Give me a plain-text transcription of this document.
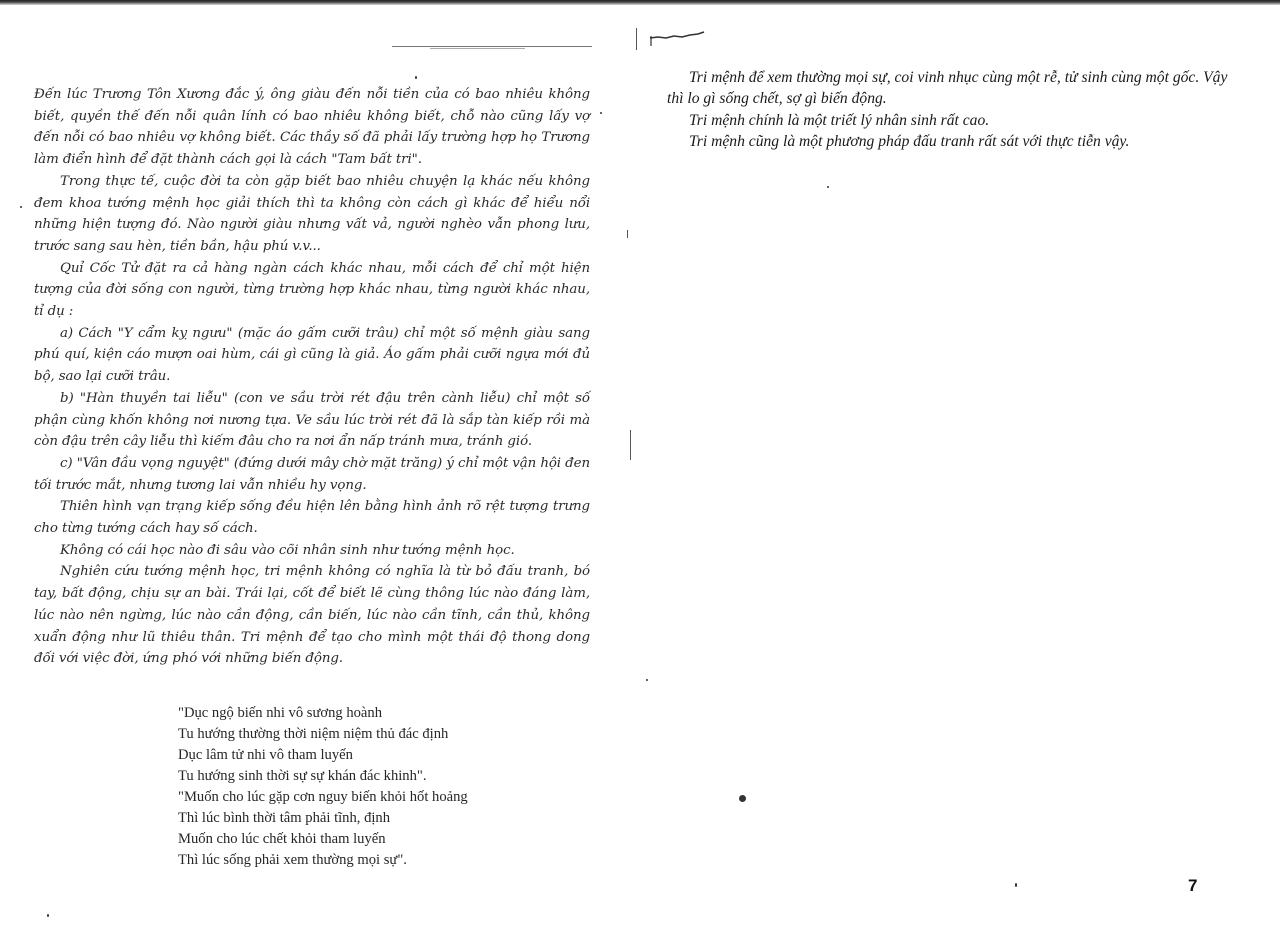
Đến lúc Trương Tôn Xương đắc ý, ông giàu đến nỗi tiền của có bao nhiêu không biết, quyền thế đến nỗi quân lính có bao nhiêu không biết, chỗ nào cũng lấy vợ đến nỗi có bao nhiêu vợ không biết. Các thầy số đã phải lấy trường hợp họ Trương làm điển hình để đặt thành cách gọi là cách "Tam bất tri".

Trong thực tế, cuộc đời ta còn gặp biết bao nhiêu chuyện lạ khác nếu không đem khoa tướng mệnh học giải thích thì ta không còn cách gì khác để hiểu nổi những hiện tượng đó. Nào người giàu nhưng vất vả, người nghèo vẫn phong lưu, trước sang sau hèn, tiền bần, hậu phú v.v...

Quỉ Cốc Tử đặt ra cả hàng ngàn cách khác nhau, mỗi cách để chỉ một hiện tượng của đời sống con người, từng trường hợp khác nhau, từng người khác nhau, tỉ dụ :

a) Cách "Y cẩm kỵ ngưu" (mặc áo gấm cưỡi trâu) chỉ một số mệnh giàu sang phú quí, kiện cáo mượn oai hùm, cái gì cũng là giả. Áo gấm phải cưỡi ngựa mới đủ bộ, sao lại cưỡi trâu.

b) "Hàn thuyền tai liễu" (con ve sầu trời rét đậu trên cành liễu) chỉ một số phận cùng khốn không nơi nương tựa. Ve sầu lúc trời rét đã là sắp tàn kiếp rồi mà còn đậu trên cây liễu thì kiếm đâu cho ra nơi ẩn nấp tránh mưa, tránh gió.

c) "Vân đầu vọng nguyệt" (đứng dưới mây chờ mặt trăng) ý chỉ một vận hội đen tối trước mắt, nhưng tương lai vẫn nhiều hy vọng.

Thiên hình vạn trạng kiếp sống đều hiện lên bằng hình ảnh rõ rệt tượng trưng cho từng tướng cách hay số cách.

Không có cái học nào đi sâu vào cõi nhân sinh như tướng mệnh học.

Nghiên cứu tướng mệnh học, tri mệnh không có nghĩa là từ bỏ đấu tranh, bó tay, bất động, chịu sự an bài. Trái lại, cốt để biết lẽ cùng thông lúc nào đáng làm, lúc nào nên ngừng, lúc nào cần động, cần biến, lúc nào cần tĩnh, cần thủ, không xuẩn động như lũ thiêu thân. Tri mệnh để tạo cho mình một thái độ thong dong đối với việc đời, ứng phó với những biến động.

"Dục ngộ biến nhi vô sương hoành
Tu hướng thường thời niệm niệm thủ đác định
Dục lâm tử nhi vô tham luyến
Tu hướng sinh thời sự sự khán đác khinh".
"Muốn cho lúc gặp cơn nguy biến khỏi hốt hoảng
Thì lúc bình thời tâm phải tĩnh, định
Muốn cho lúc chết khỏi tham luyến
Thì lúc sống phải xem thường mọi sự".

Tri mệnh để xem thường mọi sự, coi vinh nhục cùng một rễ, tử sinh cùng một gốc. Vậy thì lo gì sống chết, sợ gì biến động.

Tri mệnh chính là một triết lý nhân sinh rất cao.

Tri mệnh cũng là một phương pháp đấu tranh rất sát với thực tiễn vậy.

7
